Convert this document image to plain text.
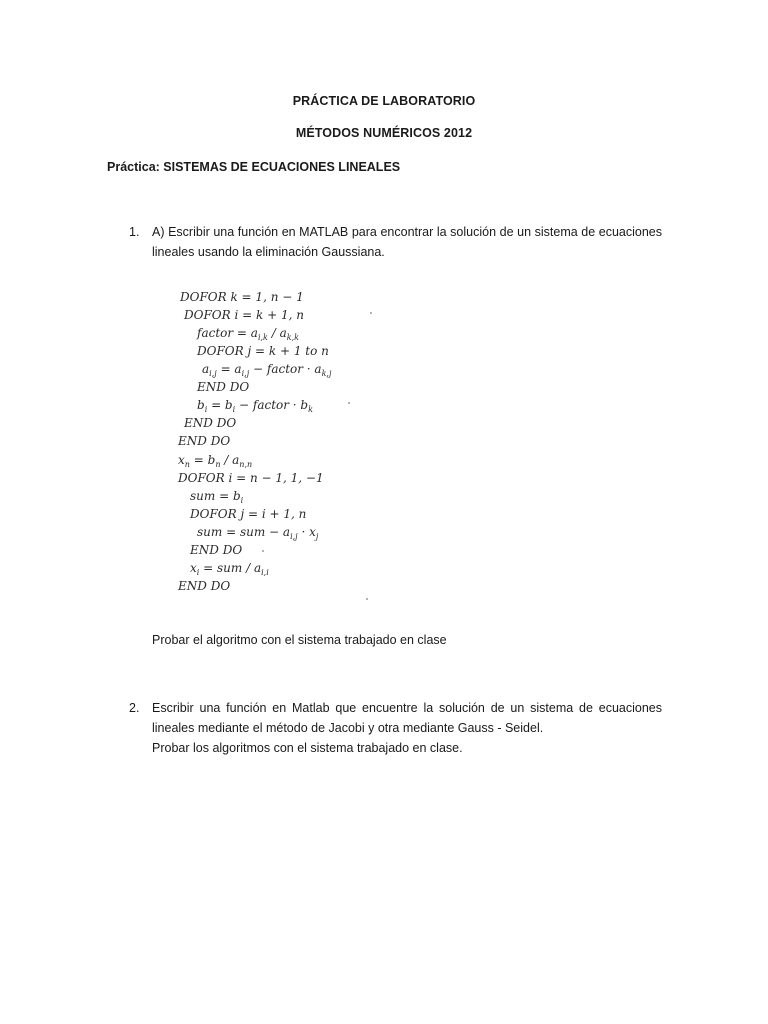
PRÁCTICA DE LABORATORIO
MÉTODOS NUMÉRICOS 2012
Práctica: SISTEMAS DE ECUACIONES LINEALES
1. A) Escribir una función en MATLAB para encontrar la solución de un sistema de ecuaciones

lineales usando la eliminación Gaussiana.

DOFOR k = 1, n − 1
DOFOR i = k + 1, n
factor = $a_{i,k} / a_{k,k}$
DOFOR j = k + 1 to n
$a_{i,j} = a_{i,j}$ − factor · $a_{k,j}$
END DO
$b_i = b_i$ − factor · $b_k$
END DO
END DO
$x_n = b_n / a_{n,n}$
DOFOR i = n − 1, 1, −1
sum = $b_i$
DOFOR j = i + 1, n
sum = sum − $a_{i,j} \cdot x_j$
END DO
$x_i$ = sum / $a_{i,i}$
END DO
Probar el algoritmo con el sistema trabajado en clase
2. Escribir una función en Matlab que encuentre la solución de un sistema de ecuaciones

lineales mediante el método de Jacobi y otra mediante Gauss - Seidel.

Probar los algoritmos con el sistema trabajado en clase.
